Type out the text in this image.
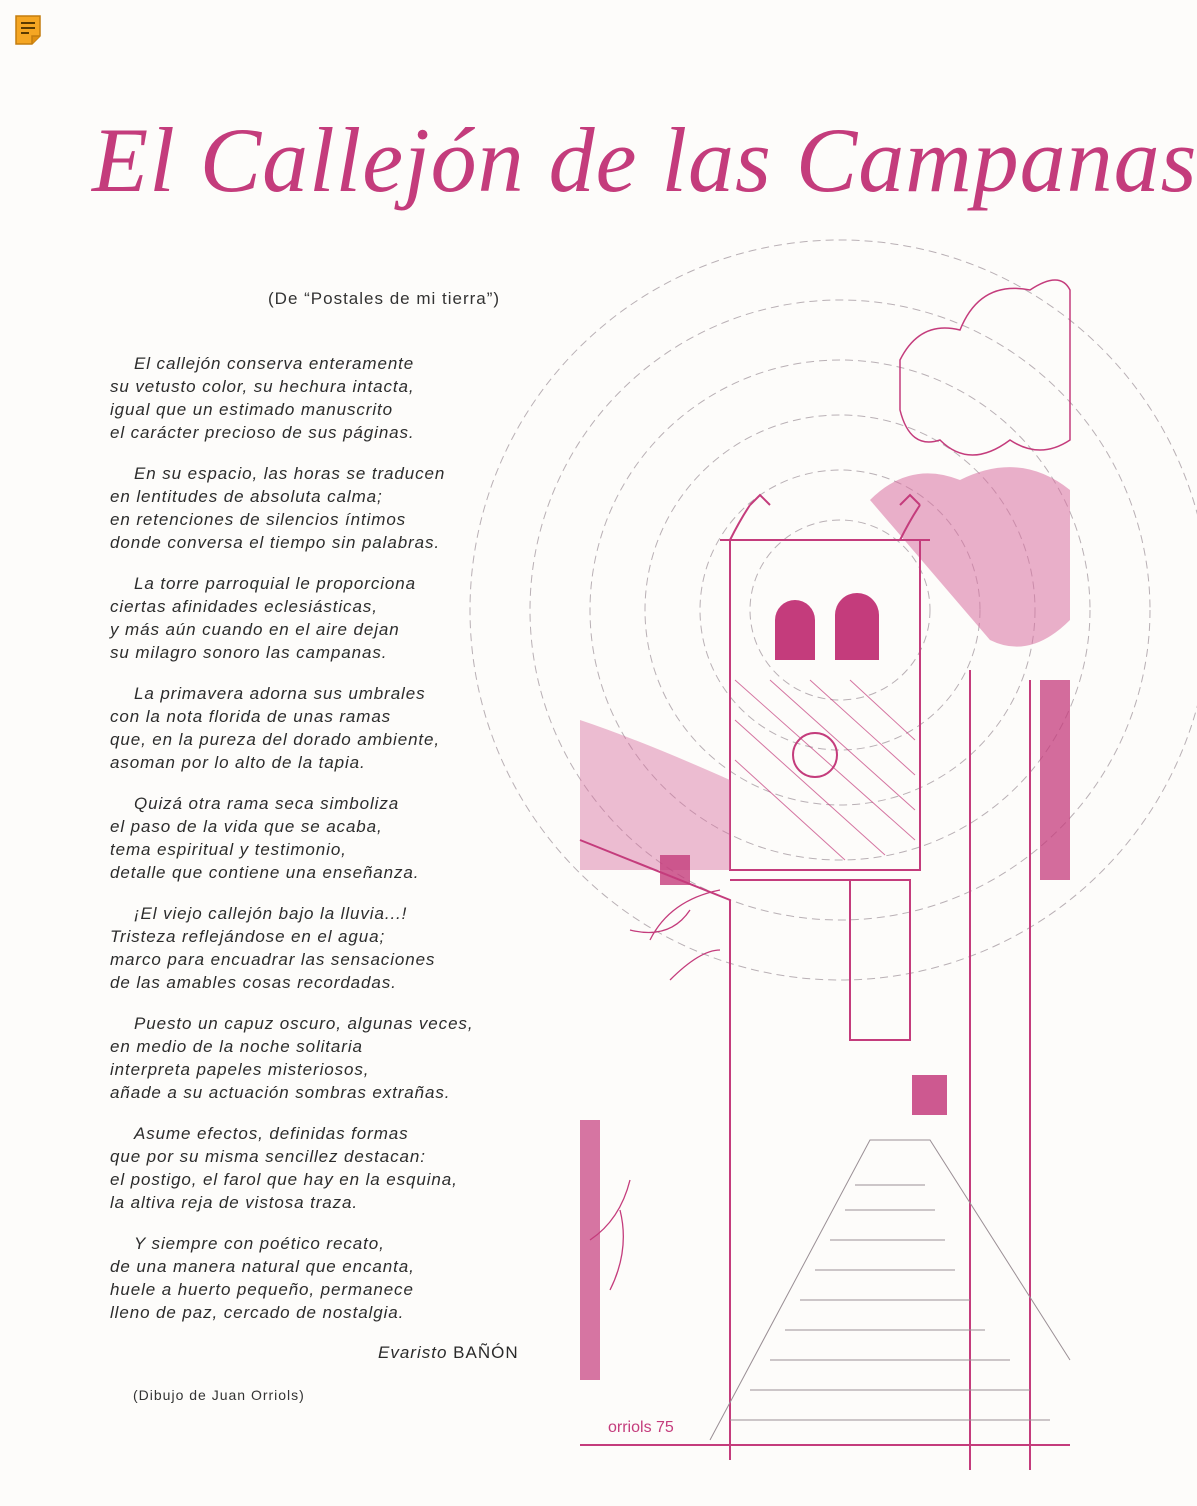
El Callejón de las Campanas
(De “Postales de mi tierra”)
El callejón conserva enteramente
su vetusto color, su hechura intacta,
igual que un estimado manuscrito
el carácter precioso de sus páginas.
En su espacio, las horas se traducen
en lentitudes de absoluta calma;
en retenciones de silencios íntimos
donde conversa el tiempo sin palabras.
La torre parroquial le proporciona
ciertas afinidades eclesiásticas,
y más aún cuando en el aire dejan
su milagro sonoro las campanas.
La primavera adorna sus umbrales
con la nota florida de unas ramas
que, en la pureza del dorado ambiente,
asoman por lo alto de la tapia.
Quizá otra rama seca simboliza
el paso de la vida que se acaba,
tema espiritual y testimonio,
detalle que contiene una enseñanza.
¡El viejo callejón bajo la lluvia...!
Tristeza reflejándose en el agua;
marco para encuadrar las sensaciones
de las amables cosas recordadas.
Puesto un capuz oscuro, algunas veces,
en medio de la noche solitaria
interpreta papeles misteriosos,
añade a su actuación sombras extrañas.
Asume efectos, definidas formas
que por su misma sencillez destacan:
el postigo, el farol que hay en la esquina,
la altiva reja de vistosa traza.
Y siempre con poético recato,
de una manera natural que encanta,
huele a huerto pequeño, permanece
lleno de paz, cercado de nostalgia.
Evaristo BAÑÓN
(Dibujo de Juan Orriols)
orriols 75
